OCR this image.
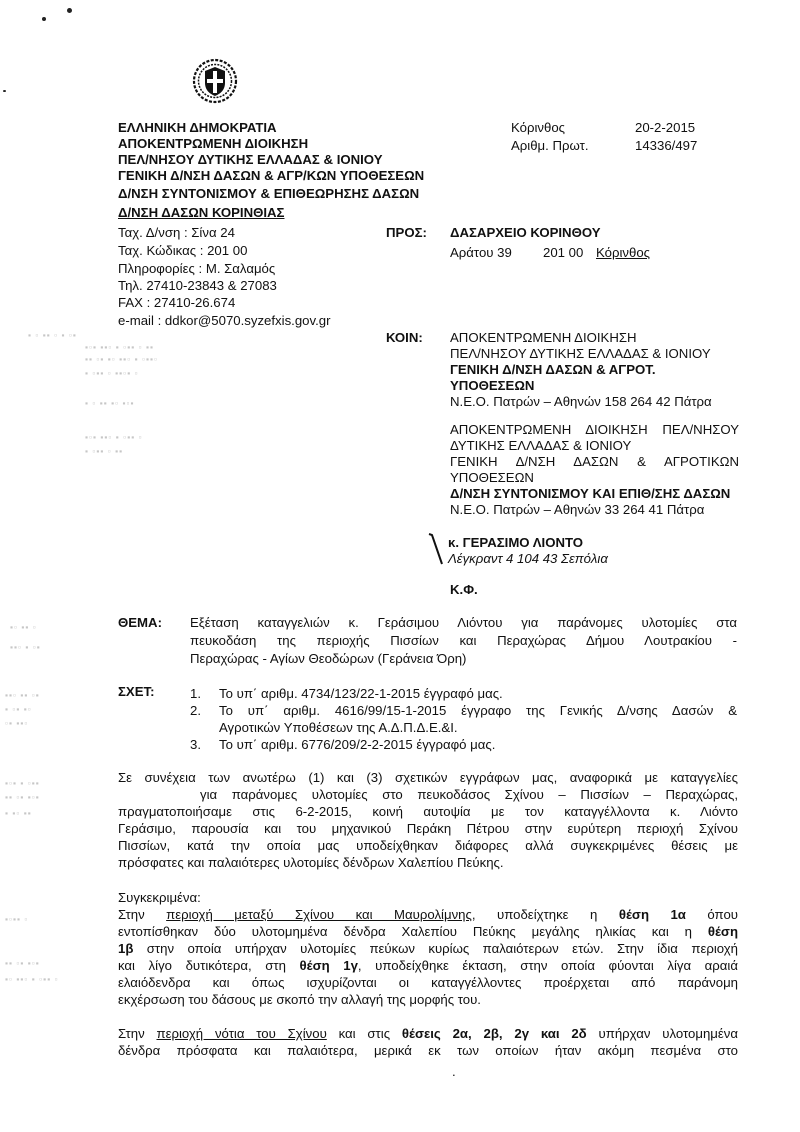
▪ ▫ ▪▪ ▫ ▪ ▫▪
▪▫▪ ▪▪▫ ▪ ▫▪▪ ▫ ▪▪
▪▪ ▫▪ ▪▫ ▪▪▫ ▪ ▫▪▪▫
▪ ▫▪▪ ▫ ▪▪▫▪ ▫
▪ ▫ ▪▪ ▪▫ ▪▫▪
▪▫▪ ▪▪▫ ▪ ▫▪▪ ▫
▪ ▫▪▪ ▫ ▪▪
▪▫ ▪▪ ▫
▪▪▫ ▪ ▫▪
▪▪▫ ▪▪ ▫▪
▪ ▫▪ ▪▫
▫▪ ▪▪▫
▪▫▪ ▪ ▫▪▪
▪▪ ▫▪ ▪▫▪
▪ ▪▫ ▪▪
▪▫▪▪ ▫
▪▪ ▫▪ ▪▫▪
▪▫ ▪▪▫ ▪ ▫▪▪ ▫
ΕΛΛΗΝΙΚΗ ΔΗΜΟΚΡΑΤΙΑ
ΑΠΟΚΕΝΤΡΩΜΕΝΗ ΔΙΟΙΚΗΣΗ
ΠΕΛ/ΝΗΣΟΥ ΔΥΤΙΚΗΣ ΕΛΛΑΔΑΣ & ΙΟΝΙΟΥ
ΓΕΝΙΚΗ Δ/ΝΣΗ ΔΑΣΩΝ & ΑΓΡ/ΚΩΝ ΥΠΟΘΕΣΕΩΝ
Δ/ΝΣΗ ΣΥΝΤΟΝΙΣΜΟΥ & ΕΠΙΘΕΩΡΗΣΗΣ ΔΑΣΩΝ
Δ/ΝΣΗ ΔΑΣΩΝ ΚΟΡΙΝΘΙΑΣ
Ταχ. Δ/νση : Σίνα 24
Ταχ. Κώδικας : 201 00
Πληροφορίες : Μ. Σαλαμός
Τηλ. 27410-23843 & 27083
FAX : 27410-26.674
e-mail : ddkor@5070.syzefxis.gov.gr
Κόρινθος	20-2-2015
Αριθμ. Πρωτ.	14336/497
ΠΡΟΣ: ΔΑΣΑΡΧΕΙΟ ΚΟΡΙΝΘΟΥ
Αράτου 39 201 00 Κόρινθος
ΚΟΙΝ: ΑΠΟΚΕΝΤΡΩΜΕΝΗ ΔΙΟΙΚΗΣΗ
ΠΕΛ/ΝΗΣΟΥ ΔΥΤΙΚΗΣ ΕΛΛΑΔΑΣ & ΙΟΝΙΟΥ
ΓΕΝΙΚΗ Δ/ΝΣΗ ΔΑΣΩΝ & ΑΓΡΟΤ.
ΥΠΟΘΕΣΕΩΝ
Ν.Ε.Ο. Πατρών – Αθηνών 158 264 42 Πάτρα
ΑΠΟΚΕΝΤΡΩΜΕΝΗ ΔΙΟΙΚΗΣΗ ΠΕΛ/ΝΗΣΟΥ
ΔΥΤΙΚΗΣ ΕΛΛΑΔΑΣ & ΙΟΝΙΟΥ
ΓΕΝΙΚΗ Δ/ΝΣΗ ΔΑΣΩΝ & ΑΓΡΟΤΙΚΩΝ
ΥΠΟΘΕΣΕΩΝ
Δ/ΝΣΗ ΣΥΝΤΟΝΙΣΜΟΥ ΚΑΙ ΕΠΙΘ/ΣΗΣ ΔΑΣΩΝ
Ν.Ε.Ο. Πατρών – Αθηνών 33 264 41 Πάτρα
κ. ΓΕΡΑΣΙΜΟ ΛΙΟΝΤΟ
Λέγκραντ 4 104 43 Σεπόλια
Κ.Φ.
ΘΕΜΑ: Εξέταση καταγγελιών κ. Γεράσιμου Λιόντου για παράνομες υλοτομίες στα
πευκοδάση της περιοχής Πισσίων και Περαχώρας Δήμου Λουτρακίου -
Περαχώρας - Αγίων Θεοδώρων (Γεράνεια Όρη)
ΣΧΕΤ:	1. Το υπ΄ αριθμ. 4734/123/22-1-2015 έγγραφό μας.
2. Το υπ΄ αριθμ. 4616/99/15-1-2015 έγγραφο της Γενικής Δ/νσης Δασών &
Αγροτικών Υποθέσεων της Α.Δ.Π.Δ.Ε.&Ι.
3. Το υπ΄ αριθμ. 6776/209/2-2-2015 έγγραφό μας.
Σε συνέχεια των ανωτέρω (1) και (3) σχετικών εγγράφων μας, αναφορικά με καταγγελίες
για παράνομες υλοτομίες στο πευκοδάσος Σχίνου – Πισσίων – Περαχώρας,
πραγματοποιήσαμε στις 6-2-2015, κοινή αυτοψία με τον καταγγέλλοντα κ. Λιόντο
Γεράσιμο, παρουσία και του μηχανικού Περάκη Πέτρου στην ευρύτερη περιοχή Σχίνου
Πισσίων, κατά την οποία μας υποδείχθηκαν διάφορες αλλά συγκεκριμένες θέσεις με
πρόσφατες και παλαιότερες υλοτομίες δένδρων Χαλεπίου Πεύκης.
Συγκεκριμένα:
Στην περιοχή μεταξύ Σχίνου και Μαυρολίμνης, υποδείχτηκε η θέση 1α όπου
εντοπίσθηκαν δύο υλοτομημένα δένδρα Χαλεπίου Πεύκης μεγάλης ηλικίας και η θέση
1β στην οποία υπήρχαν υλοτομίες πεύκων κυρίως παλαιότερων ετών. Στην ίδια περιοχή
και λίγο δυτικότερα, στη θέση 1γ, υποδείχθηκε έκταση, στην οποία φύονται λίγα αραιά
ελαιόδενδρα και όπως ισχυρίζονται οι καταγγέλλοντες προέρχεται από παράνομη
εκχέρσωση του δάσους με σκοπό την αλλαγή της μορφής του.
Στην περιοχή νότια του Σχίνου και στις θέσεις 2α, 2β, 2γ και 2δ υπήρχαν υλοτομημένα
δένδρα πρόσφατα και παλαιότερα, μερικά εκ των οποίων ήταν ακόμη πεσμένα στο
.
